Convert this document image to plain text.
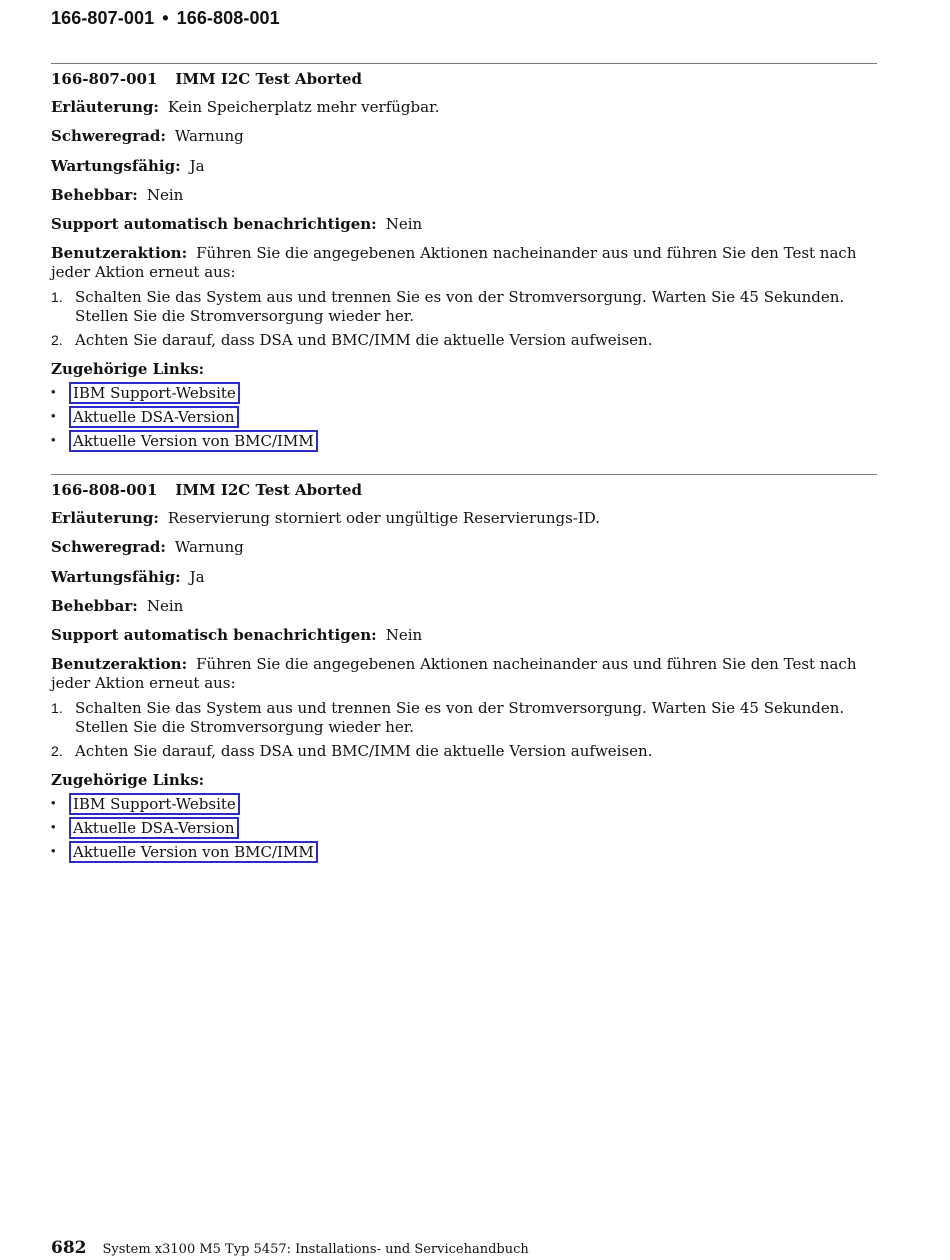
166-807-001 • 166-808-001
166-807-001 IMM I2C Test Aborted
Erläuterung: Kein Speicherplatz mehr verfügbar.
Schweregrad: Warnung
Wartungsfähig: Ja
Behebbar: Nein
Support automatisch benachrichtigen: Nein
Benutzeraktion: Führen Sie die angegebenen Aktionen nacheinander aus und führen Sie den Test nach jeder Aktion erneut aus:
1. Schalten Sie das System aus und trennen Sie es von der Stromversorgung. Warten Sie 45 Sekunden. Stellen Sie die Stromversorgung wieder her.
2. Achten Sie darauf, dass DSA und BMC/IMM die aktuelle Version aufweisen.
Zugehörige Links:
• IBM Support-Website
• Aktuelle DSA-Version
• Aktuelle Version von BMC/IMM
166-808-001 IMM I2C Test Aborted
Erläuterung: Reservierung storniert oder ungültige Reservierungs-ID.
Schweregrad: Warnung
Wartungsfähig: Ja
Behebbar: Nein
Support automatisch benachrichtigen: Nein
Benutzeraktion: Führen Sie die angegebenen Aktionen nacheinander aus und führen Sie den Test nach jeder Aktion erneut aus:
1. Schalten Sie das System aus und trennen Sie es von der Stromversorgung. Warten Sie 45 Sekunden. Stellen Sie die Stromversorgung wieder her.
2. Achten Sie darauf, dass DSA und BMC/IMM die aktuelle Version aufweisen.
Zugehörige Links:
• IBM Support-Website
• Aktuelle DSA-Version
• Aktuelle Version von BMC/IMM
682 System x3100 M5 Typ 5457: Installations- und Servicehandbuch
